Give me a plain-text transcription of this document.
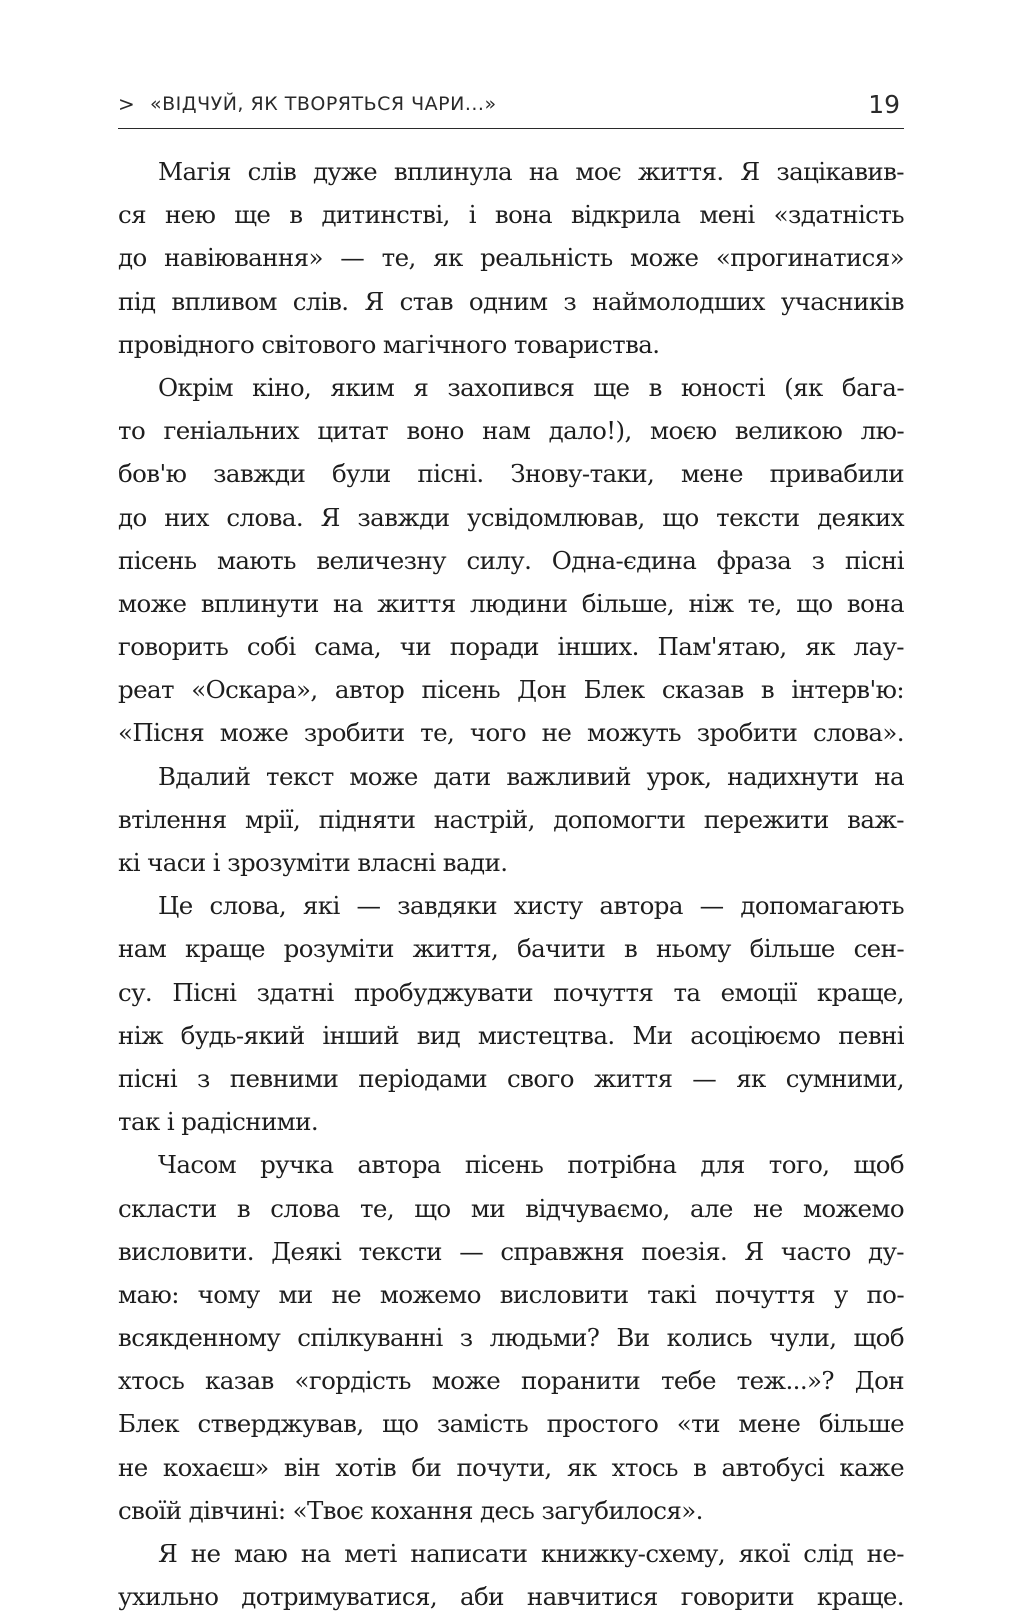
> «ВІДЧУЙ, ЯК ТВОРЯТЬСЯ ЧАРИ...»	19
Магія слів дуже вплинула на моє життя. Я зацікавив-
ся нею ще в дитинстві, і вона відкрила мені «здатність
до навіювання» — те, як реальність може «прогинатися»
під впливом слів. Я став одним з наймолодших учасників
провідного світового магічного товариства.
Окрім кіно, яким я захопився ще в юності (як бага-
то геніальних цитат воно нам дало!), моєю великою лю-
бов'ю завжди були пісні. Знову-таки, мене привабили
до них слова. Я завжди усвідомлював, що тексти деяких
пісень мають величезну силу. Одна-єдина фраза з пісні
може вплинути на життя людини більше, ніж те, що вона
говорить собі сама, чи поради інших. Пам'ятаю, як лау-
реат «Оскара», автор пісень Дон Блек сказав в інтерв'ю:
«Пісня може зробити те, чого не можуть зробити слова».
Вдалий текст може дати важливий урок, надихнути на
втілення мрії, підняти настрій, допомогти пережити важ-
кі часи і зрозуміти власні вади.
Це слова, які — завдяки хисту автора — допомагають
нам краще розуміти життя, бачити в ньому більше сен-
су. Пісні здатні пробуджувати почуття та емоції краще,
ніж будь-який інший вид мистецтва. Ми асоціюємо певні
пісні з певними періодами свого життя — як сумними,
так і радісними.
Часом ручка автора пісень потрібна для того, щоб
скласти в слова те, що ми відчуваємо, але не можемо
висловити. Деякі тексти — справжня поезія. Я часто ду-
маю: чому ми не можемо висловити такі почуття у по-
всякденному спілкуванні з людьми? Ви колись чули, щоб
хтось казав «гордість може поранити тебе теж...»? Дон
Блек стверджував, що замість простого «ти мене більше
не кохаєш» він хотів би почути, як хтось в автобусі каже
своїй дівчині: «Твоє кохання десь загубилося».
Я не маю на меті написати книжку-схему, якої слід не-
ухильно дотримуватися, аби навчитися говорити краще.
